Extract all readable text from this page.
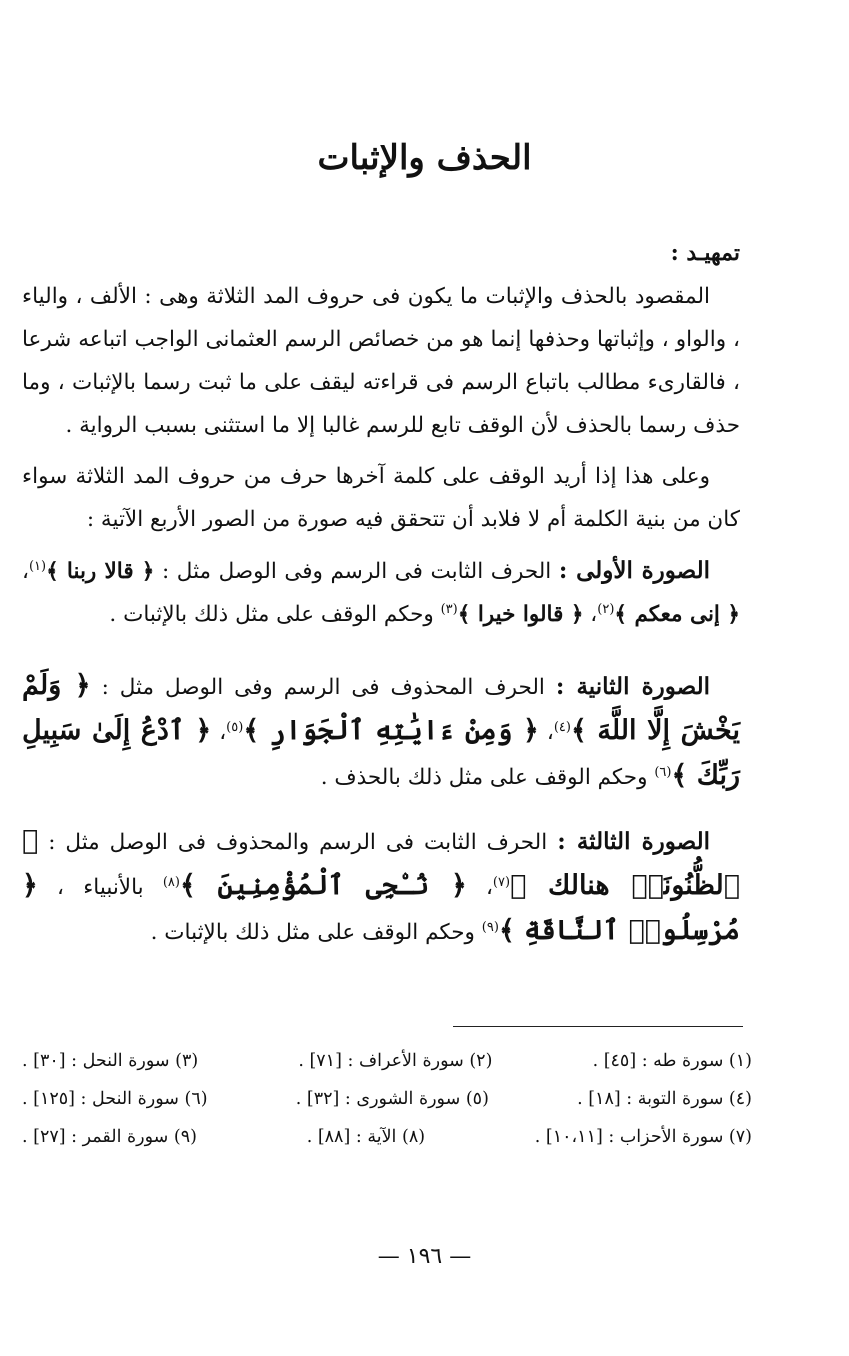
الحذف والإثبات

تمهيـد :

المقصود بالحذف والإثبات ما يكون فى حروف المد الثلاثة وهى : الألف ، والياء ، والواو ، وإثباتها وحذفها إنما هو من خصائص الرسم العثمانى الواجب اتباعه شرعا ، فالقارىء مطالب باتباع الرسم فى قراءته ليقف على ما ثبت رسما بالإثبات ، وما حذف رسما بالحذف لأن الوقف تابع للرسم غالبا إلا ما استثنى بسبب الرواية .

وعلى هذا إذا أريد الوقف على كلمة آخرها حرف من حروف المد الثلاثة سواء كان من بنية الكلمة أم لا فلابد أن تتحقق فيه صورة من الصور الأربع الآتية :

الصورة الأولى : الحرف الثابت فى الرسم وفى الوصل مثل : ﴿ قالا ربنا ﴾$^{(١)}$، ﴿ إنى معكم ﴾$^{(٢)}$، ﴿ قالوا خيرا ﴾$^{(٣)}$ وحكم الوقف على مثل ذلك بالإثبات .

الصورة الثانية : الحرف المحذوف فى الرسم وفى الوصل مثل : ﴿ وَلَمْ يَخْشَ إِلَّا اللَّهَ ﴾$^{(٤)}$، ﴿ وَمِنْ ءَايَٰتِهِ ٱلْجَوَارِ ﴾$^{(٥)}$، ﴿ ٱدْعُ إِلَىٰ سَبِيلِ رَبِّكَ ﴾$^{(٦)}$ وحكم الوقف على مثل ذلك بالحذف .

الصورة الثالثة : الحرف الثابت فى الرسم والمحذوف فى الوصل مثل : ﴿ ٱلظُّنُونَا۠ هنالك ﴾$^{(٧)}$، ﴿ نُـۨجِى ٱلْمُؤْمِنِينَ ﴾$^{(٨)}$ بالأنبياء ، ﴿ مُرْسِلُوا۟ ٱلنَّاقَةِ ﴾$^{(٩)}$ وحكم الوقف على مثل ذلك بالإثبات .

(١) سورة طه : [٤٥] .
(٢) سورة الأعراف : [٧١] .
(٣) سورة النحل : [٣٠] .
(٤) سورة التوبة : [١٨] .
(٥) سورة الشورى : [٣٢] .
(٦) سورة النحل : [١٢٥] .
(٧) سورة الأحزاب : [١٠،١١] .
(٨) الآية : [٨٨] .
(٩) سورة القمر : [٢٧] .
— ١٩٦ —
